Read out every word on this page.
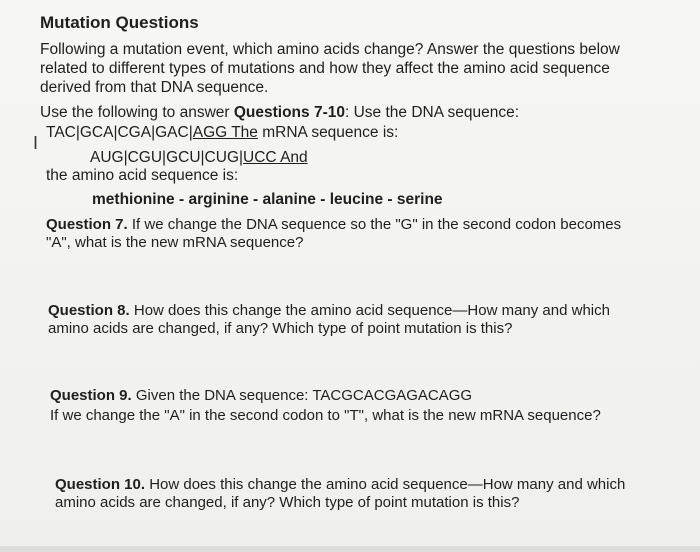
Mutation Questions
Following a mutation event, which amino acids change? Answer the questions below
related to different types of mutations and how they affect the amino acid sequence
derived from that DNA sequence.
Use the following to answer Questions 7-10: Use the DNA sequence:
I
TAC|GCA|CGA|GAC|AGG The mRNA sequence is:
AUG|CGU|GCU|CUG|UCC And
the amino acid sequence is:
methionine - arginine - alanine - leucine - serine
Question 7. If we change the DNA sequence so the "G" in the second codon becomes
"A", what is the new mRNA sequence?
Question 8. How does this change the amino acid sequence—How many and which
amino acids are changed, if any? Which type of point mutation is this?
Question 9. Given the DNA sequence: TACGCACGAGACAGG
If we change the "A" in the second codon to "T", what is the new mRNA sequence?
Question 10. How does this change the amino acid sequence—How many and which
amino acids are changed, if any? Which type of point mutation is this?
